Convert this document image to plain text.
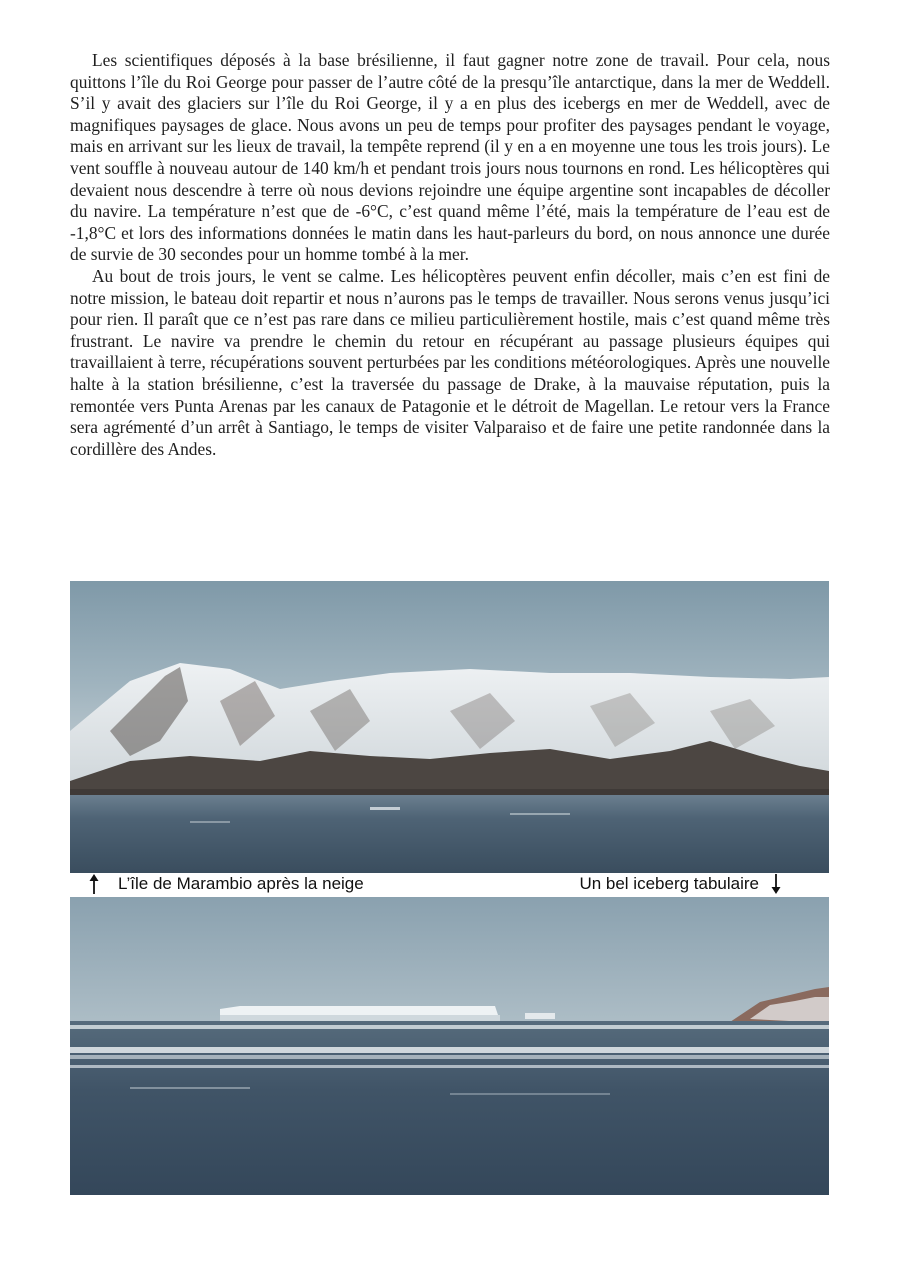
Les scientifiques déposés à la base brésilienne, il faut gagner notre zone de travail. Pour cela, nous quittons l’île du Roi George pour passer de l’autre côté de la presqu’île antarctique, dans la mer de Weddell. S’il y avait des glaciers sur l’île du Roi George, il y a en plus des icebergs en mer de Weddell, avec de magnifiques paysages de glace. Nous avons un peu de temps pour profiter des paysages pendant le voyage, mais en arrivant sur les lieux de travail, la tempête reprend (il y en a en moyenne une tous les trois jours). Le vent souffle à nouveau autour de 140 km/h et pendant trois jours nous tournons en rond. Les hélicoptères qui devaient nous descendre à terre où nous devions rejoindre une équipe argentine sont incapables de décoller du navire. La température n’est que de -6°C, c’est quand même l’été, mais la température de l’eau est de -1,8°C et lors des informations données le matin dans les haut-parleurs du bord, on nous annonce une durée de survie de 30 secondes pour un homme tombé à la mer.

Au bout de trois jours, le vent se calme. Les hélicoptères peuvent enfin décoller, mais c’en est fini de notre mission, le bateau doit repartir et nous n’aurons pas le temps de travailler. Nous serons venus jusqu’ici pour rien. Il paraît que ce n’est pas rare dans ce milieu particulièrement hostile, mais c’est quand même très frustrant. Le navire va prendre le chemin du retour en récupérant au passage plusieurs équipes qui travaillaient à terre, récupérations souvent perturbées par les conditions météorologiques. Après une nouvelle halte à la station brésilienne, c’est la traversée du passage de Drake, à la mauvaise réputation, puis la remontée vers Punta Arenas par les canaux de Patagonie et le détroit de Magellan. Le retour vers la France sera agrémenté d’un arrêt à Santiago, le temps de visiter Valparaiso et de faire une petite randonnée dans la cordillère des Andes.

L’île de Marambio après la neige	Un bel iceberg tabulaire
